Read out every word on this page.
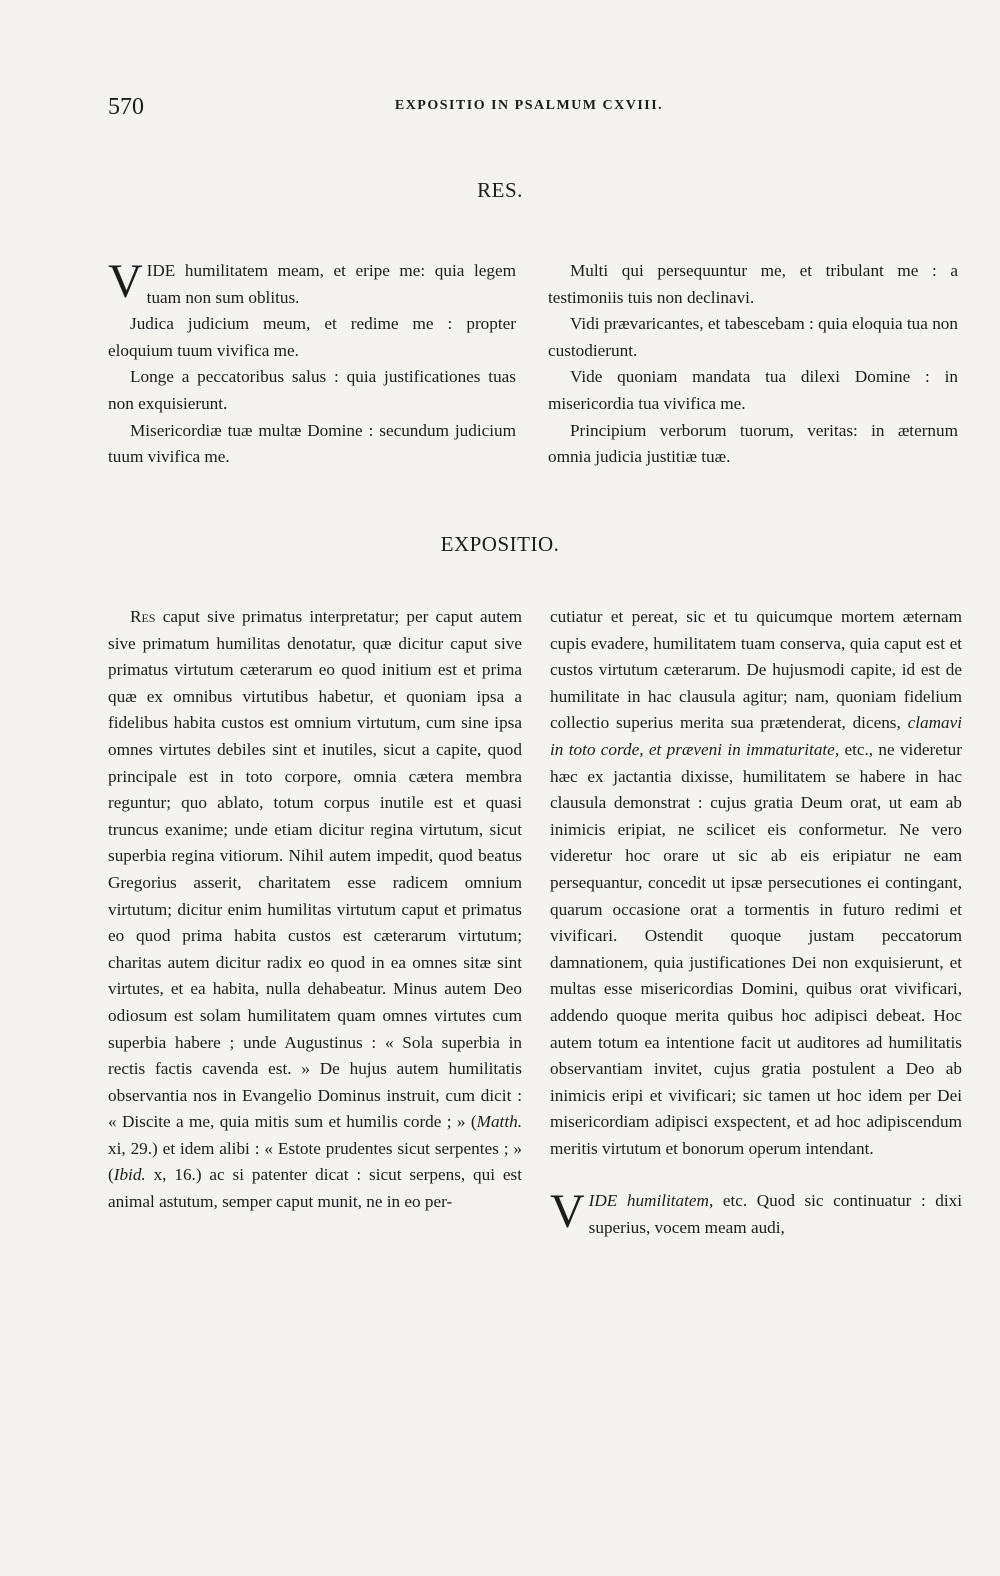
570	EXPOSITIO IN PSALMUM CXVIII.
RES.

VIDE humilitatem meam, et eripe me: quia legem tuam non sum oblitus.

Judica judicium meum, et redime me : propter eloquium tuum vivifica me.

Longe a peccatoribus salus : quia justificationes tuas non exquisierunt.

Misericordiæ tuæ multæ Domine : secundum judicium tuum vivifica me.

Multi qui persequuntur me, et tribulant me : a testimoniis tuis non declinavi.

Vidi prævaricantes, et tabescebam : quia eloquia tua non custodierunt.

Vide quoniam mandata tua dilexi Domine : in misericordia tua vivifica me.

Principium verborum tuorum, veritas: in æternum omnia judicia justitiæ tuæ.

EXPOSITIO.

Res caput sive primatus interpretatur; per caput autem sive primatum humilitas denotatur, quæ dicitur caput sive primatus virtutum cæterarum eo quod initium est et prima quæ ex omnibus virtutibus habetur, et quoniam ipsa a fidelibus habita custos est omnium virtutum, cum sine ipsa omnes virtutes debiles sint et inutiles, sicut a capite, quod principale est in toto corpore, omnia cætera membra reguntur; quo ablato, totum corpus inutile est et quasi truncus exanime; unde etiam dicitur regina virtutum, sicut superbia regina vitiorum. Nihil autem impedit, quod beatus Gregorius asserit, charitatem esse radicem omnium virtutum; dicitur enim humilitas virtutum caput et primatus eo quod prima habita custos est cæterarum virtutum; charitas autem dicitur radix eo quod in ea omnes sitæ sint virtutes, et ea habita, nulla dehabeatur. Minus autem Deo odiosum est solam humilitatem quam omnes virtutes cum superbia habere ; unde Augustinus : « Sola superbia in rectis factis cavenda est. » De hujus autem humilitatis observantia nos in Evangelio Dominus instruit, cum dicit : « Discite a me, quia mitis sum et humilis corde ; » (Matth. xi, 29.) et idem alibi : « Estote prudentes sicut serpentes ; » (Ibid. x, 16.) ac si patenter dicat : sicut serpens, qui est animal astutum, semper caput munit, ne in eo per-

cutiatur et pereat, sic et tu quicumque mortem æternam cupis evadere, humilitatem tuam conserva, quia caput est et custos virtutum cæterarum. De hujusmodi capite, id est de humilitate in hac clausula agitur; nam, quoniam fidelium collectio superius merita sua prætenderat, dicens, clamavi in toto corde, et præveni in immaturitate, etc., ne videretur hæc ex jactantia dixisse, humilitatem se habere in hac clausula demonstrat : cujus gratia Deum orat, ut eam ab inimicis eripiat, ne scilicet eis conformetur. Ne vero videretur hoc orare ut sic ab eis eripiatur ne eam persequantur, concedit ut ipsæ persecutiones ei contingant, quarum occasione orat a tormentis in futuro redimi et vivificari. Ostendit quoque justam peccatorum damnationem, quia justificationes Dei non exquisierunt, et multas esse misericordias Domini, quibus orat vivificari, addendo quoque merita quibus hoc adipisci debeat. Hoc autem totum ea intentione facit ut auditores ad humilitatis observantiam invitet, cujus gratia postulent a Deo ab inimicis eripi et vivificari; sic tamen ut hoc idem per Dei misericordiam adipisci exspectent, et ad hoc adipiscendum meritis virtutum et bonorum operum intendant.

VIDE humilitatem, etc. Quod sic continuatur : dixi superius, vocem meam audi,
